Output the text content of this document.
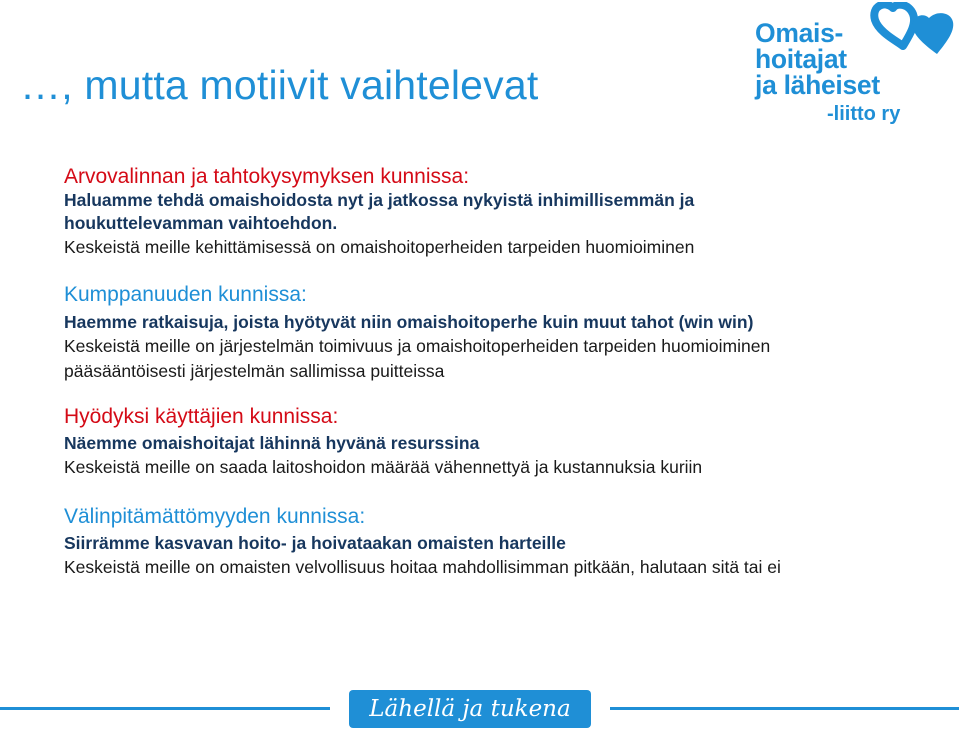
…, mutta motiivit vaihtelevat
Omais-
hoitajat
ja läheiset
-liitto ry
Arvovalinnan ja tahtokysymyksen kunnissa:
Haluamme tehdä omaishoidosta nyt ja jatkossa nykyistä inhimillisemmän ja
houkuttelevamman vaihtoehdon.
Keskeistä meille kehittämisessä on omaishoitoperheiden tarpeiden huomioiminen
Kumppanuuden kunnissa:
Haemme ratkaisuja, joista hyötyvät niin omaishoitoperhe kuin muut tahot (win win)
Keskeistä meille on järjestelmän toimivuus ja omaishoitoperheiden tarpeiden huomioiminen
pääsääntöisesti järjestelmän sallimissa puitteissa
Hyödyksi käyttäjien kunnissa:
Näemme omaishoitajat lähinnä hyvänä resurssina
Keskeistä meille on saada laitoshoidon määrää vähennettyä ja kustannuksia kuriin
Välinpitämättömyyden kunnissa:
Siirrämme kasvavan hoito- ja hoivataakan omaisten harteille
Keskeistä meille on omaisten velvollisuus hoitaa mahdollisimman pitkään, halutaan sitä tai ei
Lähellä ja tukena
